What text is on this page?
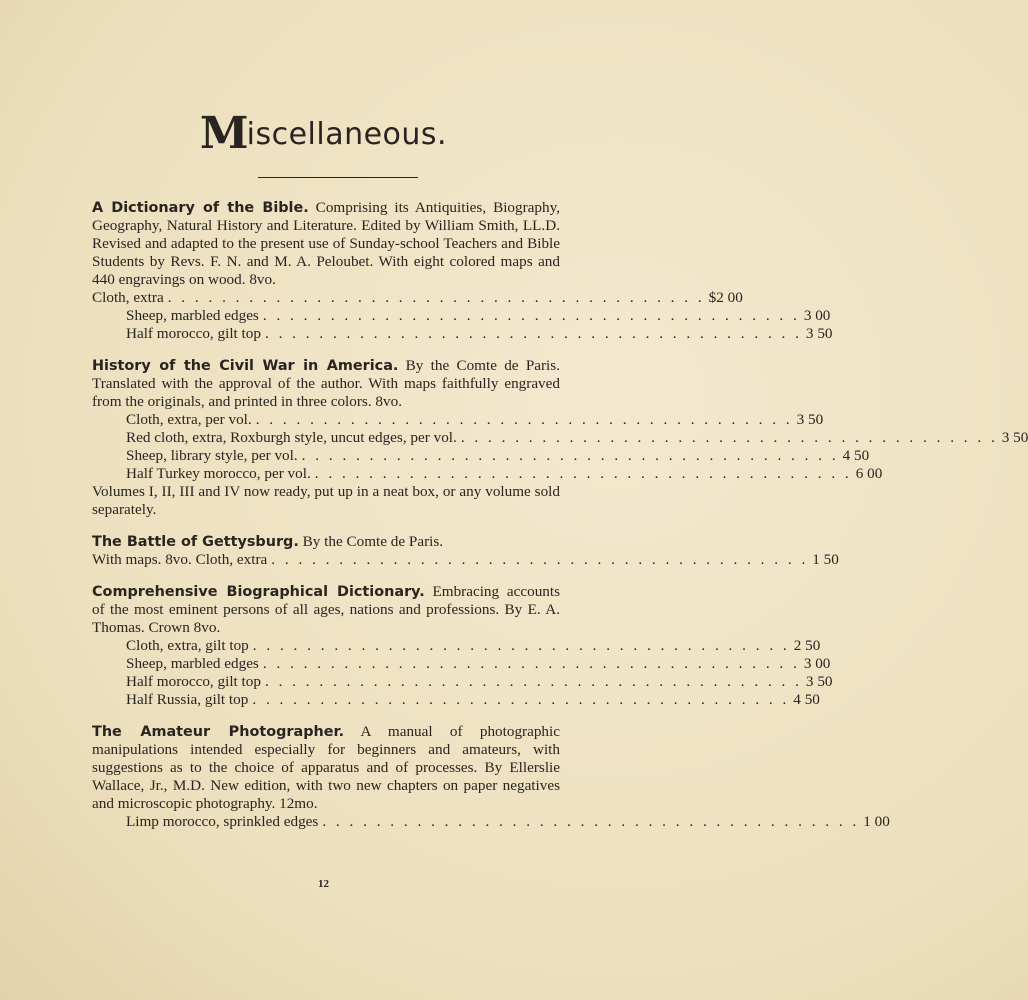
Miscellaneous.
A Dictionary of the Bible. Comprising its Antiquities, Biography, Geography, Natural History and Literature. Edited by William Smith, LL.D. Revised and adapted to the present use of Sunday-school Teachers and Bible Students by Revs. F. N. and M. A. Peloubet. With eight colored maps and 440 engravings on wood. 8vo.
Cloth, extra . . . . . . . . . . . . . . . . . . . . . . . . . . . . . . . . . . . . . . . . $2 00
Sheep, marbled edges . . . . . . . . . . . . . . . . . . . . . . . . . . . . . . . . . . . . . . . . 3 00
Half morocco, gilt top . . . . . . . . . . . . . . . . . . . . . . . . . . . . . . . . . . . . . . . . 3 50
History of the Civil War in America. By the Comte de Paris. Translated with the approval of the author. With maps faithfully engraved from the originals, and printed in three colors. 8vo.
Cloth, extra, per vol. . . . . . . . . . . . . . . . . . . . . . . . . . . . . . . . . . . . . . . . . 3 50
Red cloth, extra, Roxburgh style, uncut edges, per vol. . . . . . . . . . . . . . . . . . . . . . . . . . . . . . . . . . . . . . . . . 3 50
Sheep, library style, per vol. . . . . . . . . . . . . . . . . . . . . . . . . . . . . . . . . . . . . . . . . 4 50
Half Turkey morocco, per vol. . . . . . . . . . . . . . . . . . . . . . . . . . . . . . . . . . . . . . . . . 6 00
Volumes I, II, III and IV now ready, put up in a neat box, or any volume sold separately.
The Battle of Gettysburg. By the Comte de Paris.
With maps. 8vo. Cloth, extra . . . . . . . . . . . . . . . . . . . . . . . . . . . . . . . . . . . . . . . . 1 50
Comprehensive Biographical Dictionary. Embracing accounts of the most eminent persons of all ages, nations and professions. By E. A. Thomas. Crown 8vo.
Cloth, extra, gilt top . . . . . . . . . . . . . . . . . . . . . . . . . . . . . . . . . . . . . . . . 2 50
Sheep, marbled edges . . . . . . . . . . . . . . . . . . . . . . . . . . . . . . . . . . . . . . . . 3 00
Half morocco, gilt top . . . . . . . . . . . . . . . . . . . . . . . . . . . . . . . . . . . . . . . . 3 50
Half Russia, gilt top . . . . . . . . . . . . . . . . . . . . . . . . . . . . . . . . . . . . . . . . 4 50
The Amateur Photographer. A manual of photographic manipulations intended especially for beginners and amateurs, with suggestions as to the choice of apparatus and of processes. By Ellerslie Wallace, Jr., M.D. New edition, with two new chapters on paper negatives and microscopic photography. 12mo.
Limp morocco, sprinkled edges . . . . . . . . . . . . . . . . . . . . . . . . . . . . . . . . . . . . . . . . 1 00
12
